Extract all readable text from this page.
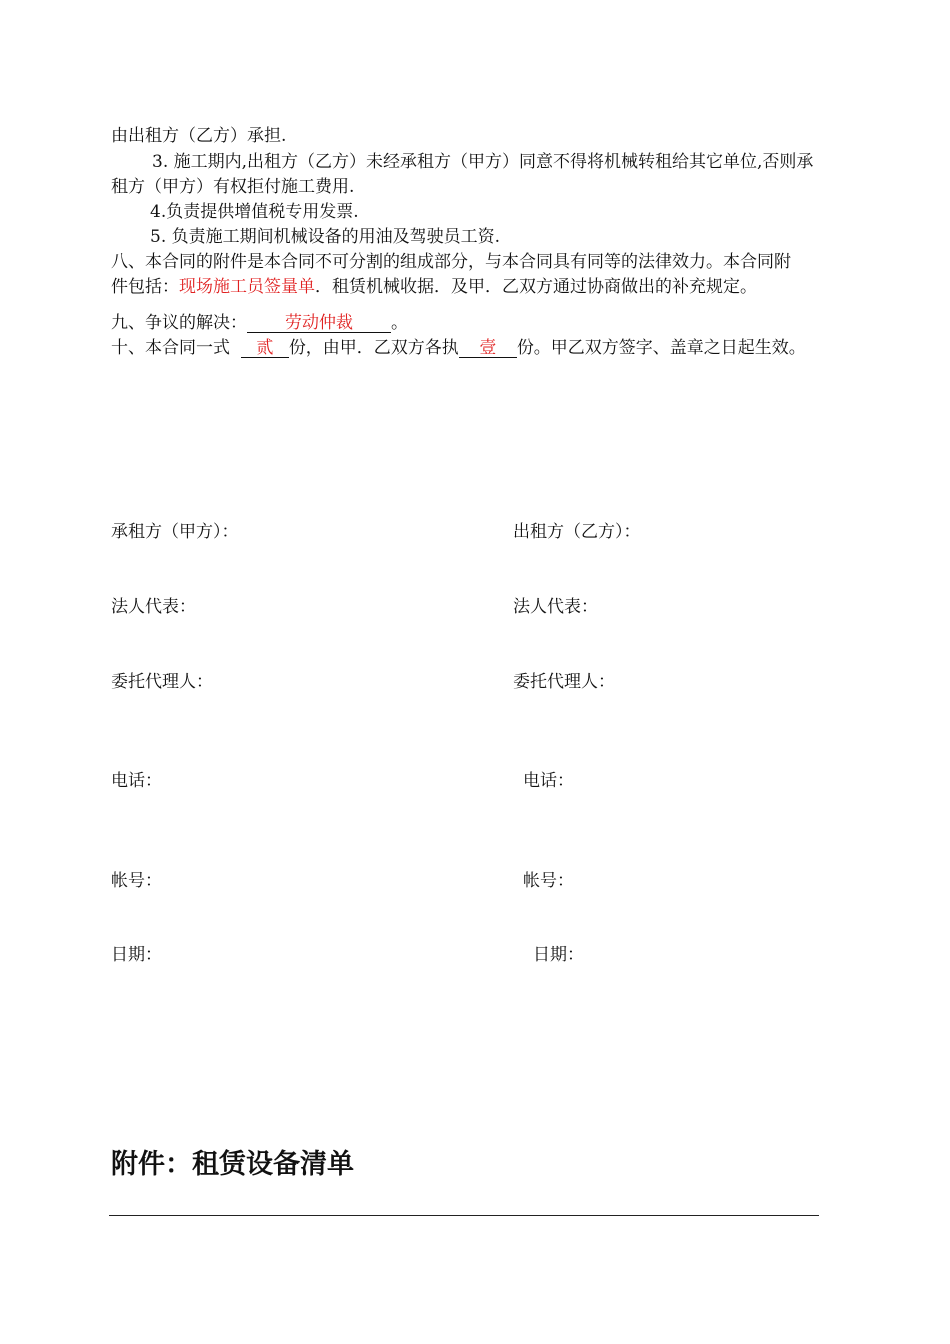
由出租方（乙方）承担.
3. 施工期内,出租方（乙方）未经承租方（甲方）同意不得将机械转租给其它单位,否则承
租方（甲方）有权拒付施工费用.
4.负责提供增值税专用发票.
5. 负责施工期间机械设备的用油及驾驶员工资.
八、本合同的附件是本合同不可分割的组成部分，与本合同具有同等的法律效力。本合同附
件包括：现场施工员签量单．租赁机械收据．及甲．乙双方通过协商做出的补充规定。
九、争议的解决： 劳动仲裁 。
十、本合同一式 贰 份，由甲．乙双方各执 壹 份。甲乙双方签字、盖章之日起生效。
承租方（甲方）：
法人代表：
委托代理人：
电话：
帐号：
日期：
出租方（乙方）：
法人代表：
委托代理人：
电话：
帐号：
日期：
附件：租赁设备清单
